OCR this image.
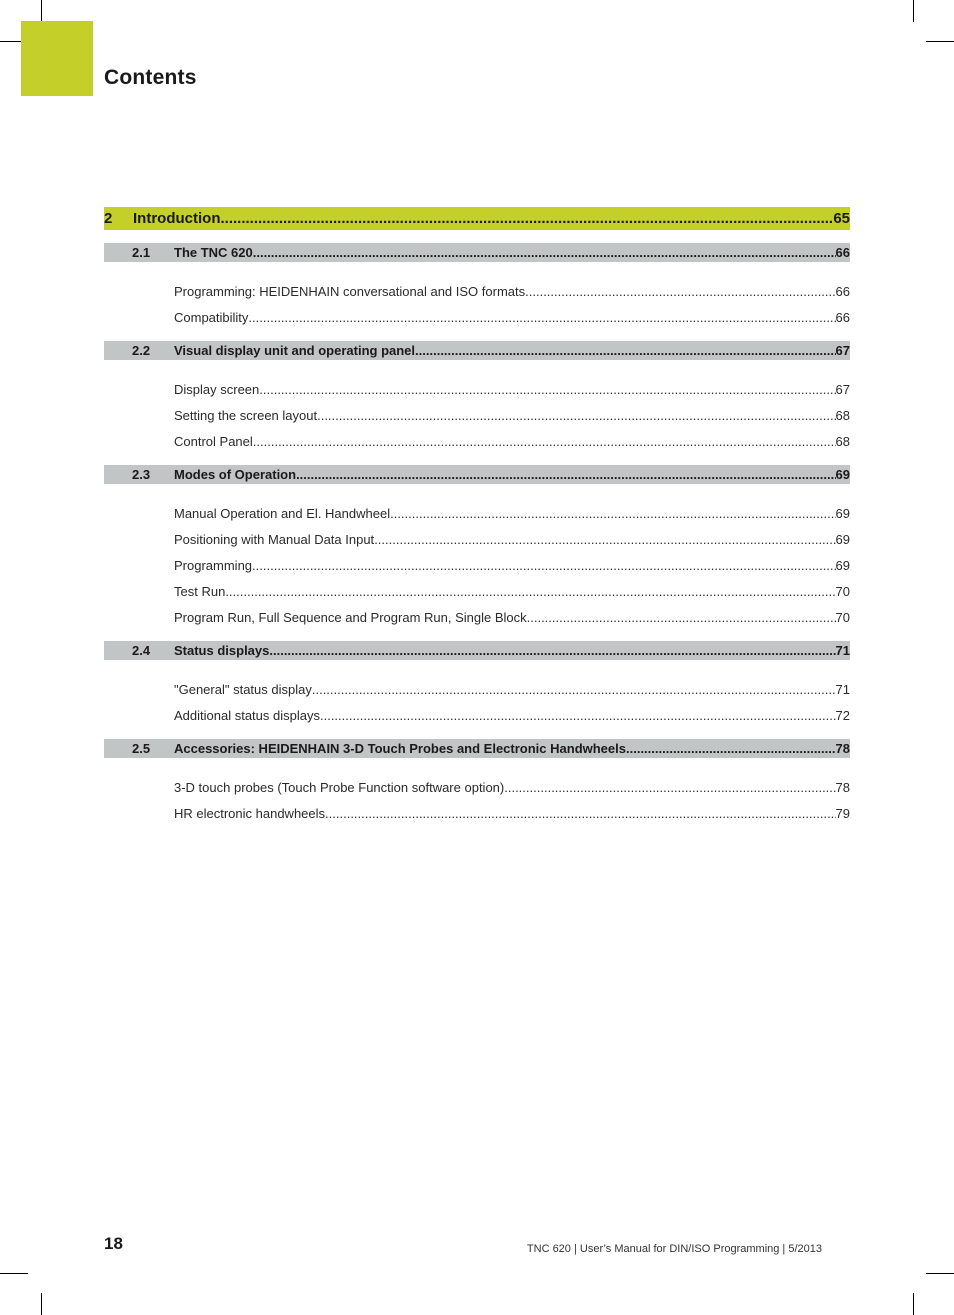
Contents
2	Introduction .....	65
2.1	The TNC 620 .....	66
Programming: HEIDENHAIN conversational and ISO formats .....	66
Compatibility .....	66
2.2	Visual display unit and operating panel .....	67
Display screen .....	67
Setting the screen layout .....	68
Control Panel .....	68
2.3	Modes of Operation .....	69
Manual Operation and El. Handwheel .....	69
Positioning with Manual Data Input .....	69
Programming .....	69
Test Run .....	70
Program Run, Full Sequence and Program Run, Single Block .....	70
2.4	Status displays .....	71
"General" status display .....	71
Additional status displays .....	72
2.5	Accessories: HEIDENHAIN 3-D Touch Probes and Electronic Handwheels .....	78
3-D touch probes (Touch Probe Function software option) .....	78
HR electronic handwheels .....	79
18	TNC 620 | User’s Manual for DIN/ISO Programming | 5/2013
